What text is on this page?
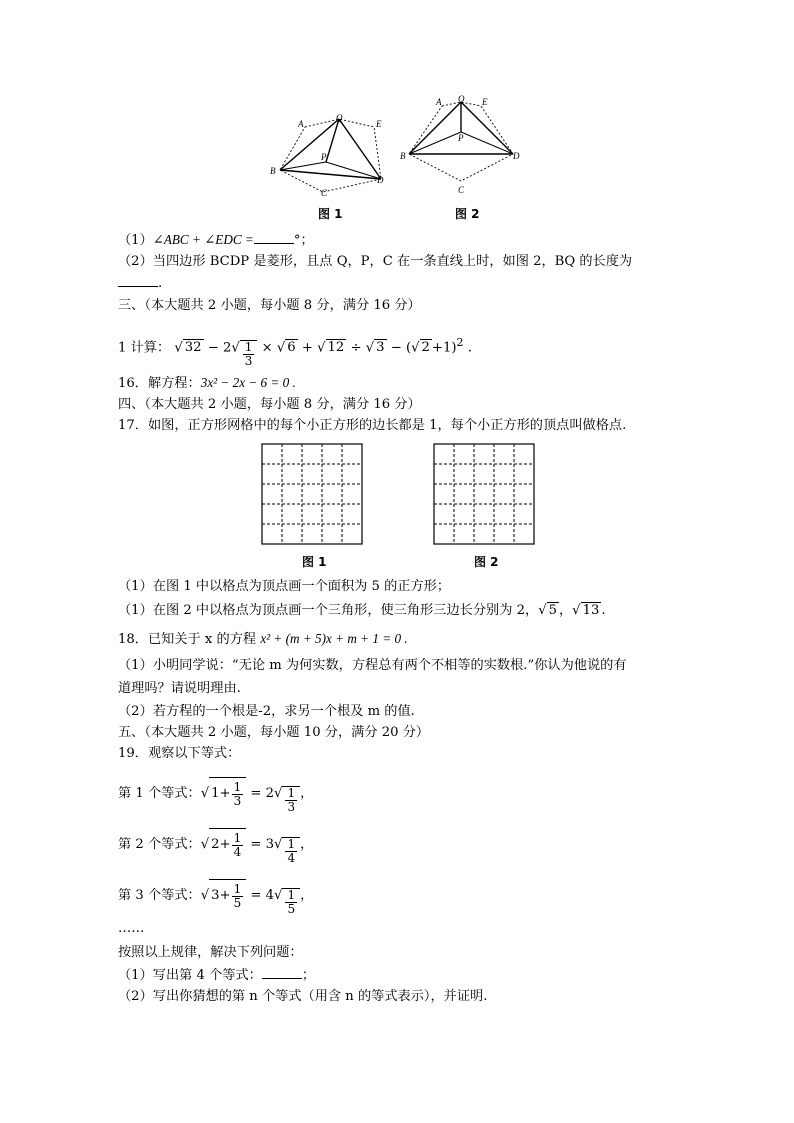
A
Q
E
B
P
D
C
A Q E
B
P
D
C
图 1	图 2
（1）∠ABC + ∠EDC =	°；
（2）当四边形 BCDP 是菱形，且点 Q，P，C 在一条直线上时，如图 2，BQ 的长度为
.
三、（本大题共 2 小题，每小题 8 分，满分 16 分）
1 计算： √ $32 - 2√ \frac{1}{3}$ × √ 6 + √ 12 ÷ √ 3 − (√ 2 +1)$^2$ .
16．解方程：3x² − 2x − 6 = 0 .
四、（本大题共 2 小题，每小题 8 分，满分 16 分）
17．如图，正方形网格中的每个小正方形的边长都是 1，每个小正方形的顶点叫做格点.
图 1	图 2
（1）在图 1 中以格点为顶点画一个面积为 5 的正方形；
（1）在图 2 中以格点为顶点画一个三角形，使三角形三边长分别为 2，√ 5 ，√ 13 .
18．已知关于 x 的方程 x² + (m + 5)x + m + 1 = 0 .
（1）小明同学说：“无论 m 为何实数，方程总有两个不相等的实数根.”你认为他说的有
道理吗？请说明理由.
（2）若方程的一个根是-2，求另一个根及 m 的值.
五、（本大题共 2 小题，每小题 10 分，满分 20 分）
19．观察以下等式：
第 1 个等式：√ $1 + \frac{1}{3} = 2√ \frac{1}{3}$ ，
第 2 个等式：√ $2 + \frac{1}{4} = 3√ \frac{1}{4}$ ，
第 3 个等式：√ $3 + \frac{1}{5} = 4√ \frac{1}{5}$ ，
……
按照以上规律，解决下列问题：
（1）写出第 4 个等式：	；
（2）写出你猜想的第 n 个等式（用含 n 的等式表示），并证明.
